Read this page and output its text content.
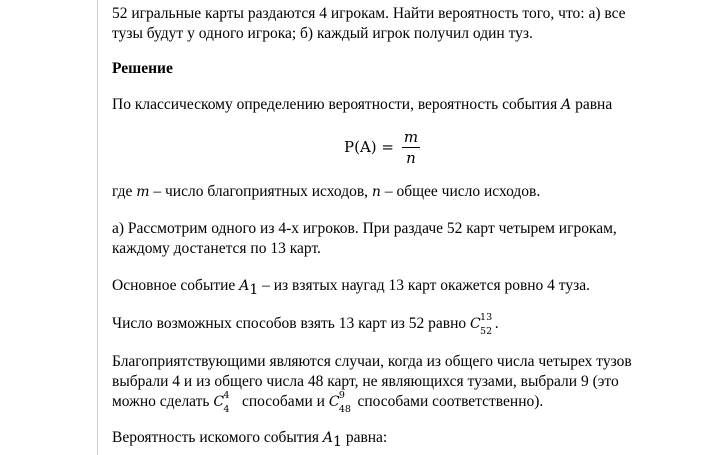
52 игральные карты раздаются 4 игрокам. Найти вероятность того, что: а) все
тузы будут у одного игрока; б) каждый игрок получил один туз.
Решение
По классическому определению вероятности, вероятность события A равна
P(A) =
m
n
где m – число благоприятных исходов, n – общее число исходов.
а) Рассмотрим одного из 4-х игроков. При раздаче 52 карт четырем игрокам,
каждому достанется по 13 карт.
Основное событие $A_1$ – из взятых наугад 13 карт окажется ровно 4 туза.
Число возможных способов взять 13 карт из 52 равно C 13
52 .
Благоприятствующими являются случаи, когда из общего числа четырех тузов
выбрали 4 и из общего числа 48 карт, не являющихся тузами, выбрали 9 (это
можно сделать C 4
4 способами и C 9
48 способами соответственно).
Вероятность искомого события $A_1$ равна:
